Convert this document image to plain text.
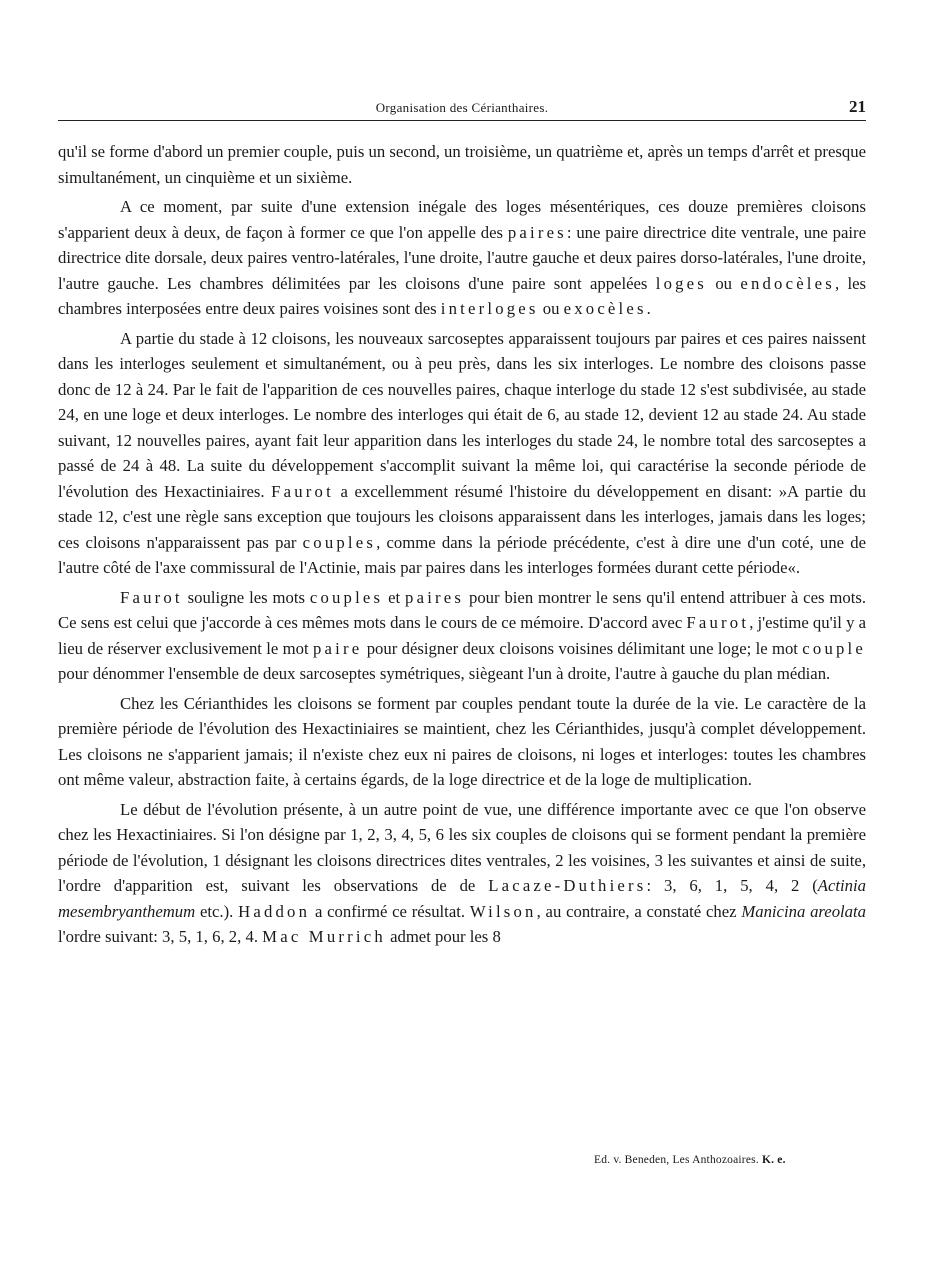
Organisation des Cérianthaires.	21

qu'il se forme d'abord un premier couple, puis un second, un troisième, un quatrième et, après un temps d'arrêt et presque simultanément, un cinquième et un sixième.

A ce moment, par suite d'une extension inégale des loges mésentériques, ces douze premières cloisons s'apparient deux à deux, de façon à former ce que l'on appelle des paires: une paire directrice dite ventrale, une paire directrice dite dorsale, deux paires ventro-latérales, l'une droite, l'autre gauche et deux paires dorso-latérales, l'une droite, l'autre gauche. Les chambres délimitées par les cloisons d'une paire sont appelées loges ou endocèles, les chambres interposées entre deux paires voisines sont des interloges ou exocèles.

A partie du stade à 12 cloisons, les nouveaux sarcoseptes apparaissent toujours par paires et ces paires naissent dans les interloges seulement et simultanément, ou à peu près, dans les six interloges. Le nombre des cloisons passe donc de 12 à 24. Par le fait de l'apparition de ces nouvelles paires, chaque interloge du stade 12 s'est subdivisée, au stade 24, en une loge et deux interloges. Le nombre des interloges qui était de 6, au stade 12, devient 12 au stade 24. Au stade suivant, 12 nouvelles paires, ayant fait leur apparition dans les interloges du stade 24, le nombre total des sarcoseptes a passé de 24 à 48. La suite du développement s'accomplit suivant la même loi, qui caractérise la seconde période de l'évolution des Hexactiniaires. Faurot a excellemment résumé l'histoire du développement en disant: »A partie du stade 12, c'est une règle sans exception que toujours les cloisons apparaissent dans les interloges, jamais dans les loges; ces cloisons n'apparaissent pas par couples, comme dans la période précédente, c'est à dire une d'un coté, une de l'autre côté de l'axe commissural de l'Actinie, mais par paires dans les interloges formées durant cette période«.

Faurot souligne les mots couples et paires pour bien montrer le sens qu'il entend attribuer à ces mots. Ce sens est celui que j'accorde à ces mêmes mots dans le cours de ce mémoire. D'accord avec Faurot, j'estime qu'il y a lieu de réserver exclusivement le mot paire pour désigner deux cloisons voisines délimitant une loge; le mot couple pour dénommer l'ensemble de deux sarcoseptes symétriques, siègeant l'un à droite, l'autre à gauche du plan médian.

Chez les Cérianthides les cloisons se forment par couples pendant toute la durée de la vie. Le caractère de la première période de l'évolution des Hexactiniaires se maintient, chez les Cérianthides, jusqu'à complet développement. Les cloisons ne s'apparient jamais; il n'existe chez eux ni paires de cloisons, ni loges et interloges: toutes les chambres ont même valeur, abstraction faite, à certains égards, de la loge directrice et de la loge de multiplication.

Le début de l'évolution présente, à un autre point de vue, une différence importante avec ce que l'on observe chez les Hexactiniaires. Si l'on désigne par 1, 2, 3, 4, 5, 6 les six couples de cloisons qui se forment pendant la première période de l'évolution, 1 désignant les cloisons directrices dites ventrales, 2 les voisines, 3 les suivantes et ainsi de suite, l'ordre d'apparition est, suivant les observations de de Lacaze-Duthiers: 3, 6, 1, 5, 4, 2 (Actinia mesembryanthemum etc.). Haddon a confirmé ce résultat. Wilson, au contraire, a constaté chez Manicina areolata l'ordre suivant: 3, 5, 1, 6, 2, 4. Mac Murrich admet pour les 8

Ed. v. Beneden, Les Anthozoaires. K. e.
